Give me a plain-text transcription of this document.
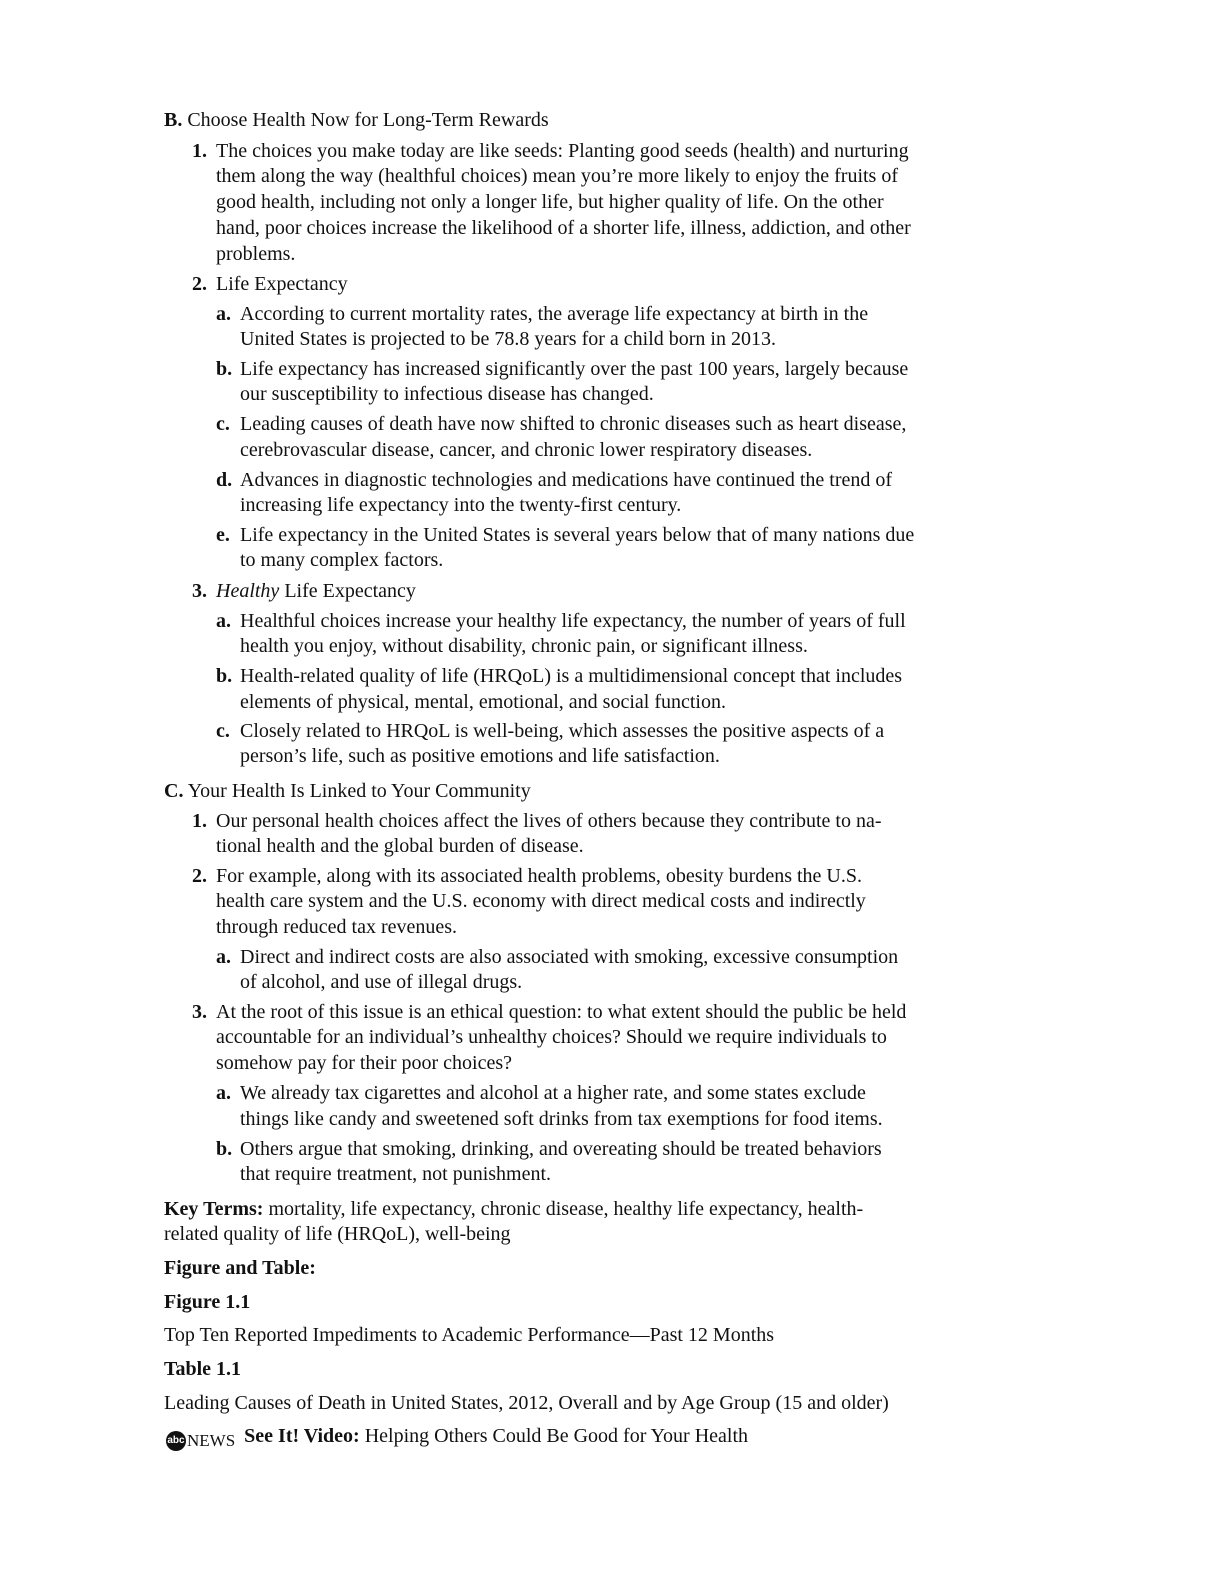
B. Choose Health Now for Long-Term Rewards
1. The choices you make today are like seeds: Planting good seeds (health) and nurturing
them along the way (healthful choices) mean you’re more likely to enjoy the fruits of
good health, including not only a longer life, but higher quality of life. On the other
hand, poor choices increase the likelihood of a shorter life, illness, addiction, and other
problems.
2. Life Expectancy
a. According to current mortality rates, the average life expectancy at birth in the
United States is projected to be 78.8 years for a child born in 2013.
b. Life expectancy has increased significantly over the past 100 years, largely because
our susceptibility to infectious disease has changed.
c. Leading causes of death have now shifted to chronic diseases such as heart disease,
cerebrovascular disease, cancer, and chronic lower respiratory diseases.
d. Advances in diagnostic technologies and medications have continued the trend of
increasing life expectancy into the twenty-first century.
e. Life expectancy in the United States is several years below that of many nations due
to many complex factors.
3. Healthy Life Expectancy
a. Healthful choices increase your healthy life expectancy, the number of years of full
health you enjoy, without disability, chronic pain, or significant illness.
b. Health-related quality of life (HRQoL) is a multidimensional concept that includes
elements of physical, mental, emotional, and social function.
c. Closely related to HRQoL is well-being, which assesses the positive aspects of a
person’s life, such as positive emotions and life satisfaction.
C. Your Health Is Linked to Your Community
1. Our personal health choices affect the lives of others because they contribute to na-
tional health and the global burden of disease.
2. For example, along with its associated health problems, obesity burdens the U.S.
health care system and the U.S. economy with direct medical costs and indirectly
through reduced tax revenues.
a. Direct and indirect costs are also associated with smoking, excessive consumption
of alcohol, and use of illegal drugs.
3. At the root of this issue is an ethical question: to what extent should the public be held
accountable for an individual’s unhealthy choices? Should we require individuals to
somehow pay for their poor choices?
a. We already tax cigarettes and alcohol at a higher rate, and some states exclude
things like candy and sweetened soft drinks from tax exemptions for food items.
b. Others argue that smoking, drinking, and overeating should be treated behaviors
that require treatment, not punishment.
Key Terms: mortality, life expectancy, chronic disease, healthy life expectancy, health-
related quality of life (HRQoL), well-being
Figure and Table:
Figure 1.1
Top Ten Reported Impediments to Academic Performance—Past 12 Months
Table 1.1
Leading Causes of Death in United States, 2012, Overall and by Age Group (15 and older)
abc NEWS See It! Video: Helping Others Could Be Good for Your Health
